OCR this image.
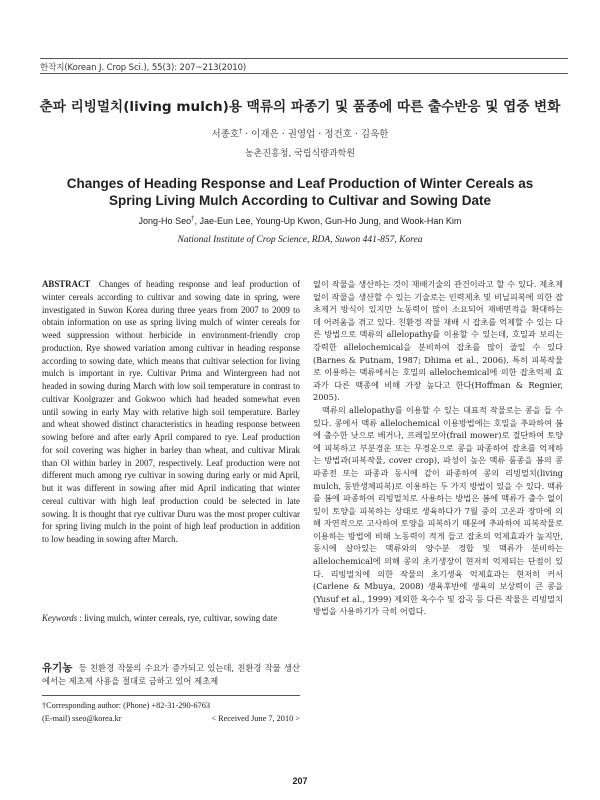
한작지(Korean J. Crop Sci.), 55(3): 207~213(2010)
춘파 리빙멀치(living mulch)용 맥류의 파종기 및 품종에 따른 출수반응 및 엽중 변화
서종호† · 이재은 · 권영업 · 정건호 · 김욱한
농촌진흥청, 국립식량과학원
Changes of Heading Response and Leaf Production of Winter Cereals as Spring Living Mulch According to Cultivar and Sowing Date
Jong-Ho Seo†, Jae-Eun Lee, Young-Up Kwon, Gun-Ho Jung, and Wook-Han Kim
National Institute of Crop Science, RDA, Suwon 441-857, Korea
ABSTRACT Changes of heading response and leaf production of winter cereals according to cultivar and sowing date in spring, were investigated in Suwon Korea during three years from 2007 to 2009 to obtain information on use as spring living mulch of winter cereals for weed suppression without herbicide in environment-friendly crop production. Rye showed variation among cultivar in heading response according to sowing date, which means that cultivar selection for living mulch is important in rye. Cultivar Prima and Wintergreen had not headed in sowing during March with low soil temperature in contrast to cultivar Koolgrazer and Gokwoo which had headed somewhat even until sowing in early May with relative high soil temperature. Barley and wheat showed distinct characteristics in heading response between sowing before and after early April compared to rye. Leaf production for soil covering was higher in barley than wheat, and cultivar Mirak than Ol within barley in 2007, respectively. Leaf production were not different much among rye cultivar in sowing during early or mid April, but it was different in sowing after mid April indicating that winter cereal cultivar with high leaf production could be selected in late sowing. It is thought that rye cultivar Duru was the most proper cultivar for spring living mulch in the point of high leaf production in addition to low heading in sowing after March.
Keywords : living mulch, winter cereals, rye, cultivar, sowing date
유기농 등 친환경 작물의 수요가 증가되고 있는데, 친환경 작물 생산에서는 제초제 사용을 절대로 금하고 있어 제초제
†Corresponding author: (Phone) +82-31-290-6763
(E-mail) sseo@korea.kr	< Received June 7, 2010 >

없이 작물을 생산하는 것이 재배기술의 관건이라고 할 수 있다. 제초제 없이 작물을 생산할 수 있는 기술로는 인력제초 및 비닐피복에 의한 잡초제거 방식이 있지만 노동력이 많이 소요되어 재배면적을 확대하는 데 어려움을 겪고 있다. 친환경 작물 재배 시 잡초를 억제할 수 있는 다른 방법으로 맥류의 allelopathy를 이용할 수 있는데, 호밀과 보리는 강력한 allelochemical을 분비하여 잡초를 많이 줄일 수 있다(Barnes & Putnam, 1987; Dhima et al., 2006). 특히 피복작물로 이용하는 맥류에서는 호밀의 allelochemical에 의한 잡초억제 효과가 다른 맥종에 비해 가장 높다고 한다(Hoffman & Regnier, 2005).

맥류의 allelopathy를 이용할 수 있는 대표적 작물로는 콩을 들 수 있다. 콩에서 맥류 allelochemical 이용방법에는 호밀을 추파하여 봄에 출수한 낫으로 베거나, 프레일모아(frail mower)로 절단하여 토양에 피복하고 부분경운 또는 무경운으로 콩을 파종하여 잡초를 억제하는 방법과(피복작물, cover crop), 파성이 높은 맥류 품종을 봄의 콩 파종전 또는 파종과 동시에 같이 파종하여 콩의 리빙멀치(living mulch, 동반생체피복)로 이용하는 두 가지 방법이 있을 수 있다. 맥류를 봄에 파종하여 리빙멀치로 사용하는 방법은 봄에 맥류가 출수 없이 잎이 토양을 피복하는 상태로 생육하다가 7월 중의 고온과 장마에 의해 자연적으로 고사하여 토양을 피복하기 때문에 추파하여 피복작물로 이용하는 방법에 비해 노동력이 적게 들고 잡초의 억제효과가 높지만, 동시에 살아있는 맥류와의 양수분 경합 및 맥류가 분비하는 allelochemical에 의해 콩의 초기생장이 현저히 억제되는 단점이 있다. 리빙멀치에 의한 작물의 초기생육 억제효과는 현저히 커서 (Carlene & Mbuya, 2008) 생육후반에 생육의 보상력이 큰 콩을(Yusuf et al., 1999) 제외한 옥수수 및 잡곡 등 다른 작물은 리빙멀치 방법을 사용하기가 극히 어렵다.

207
